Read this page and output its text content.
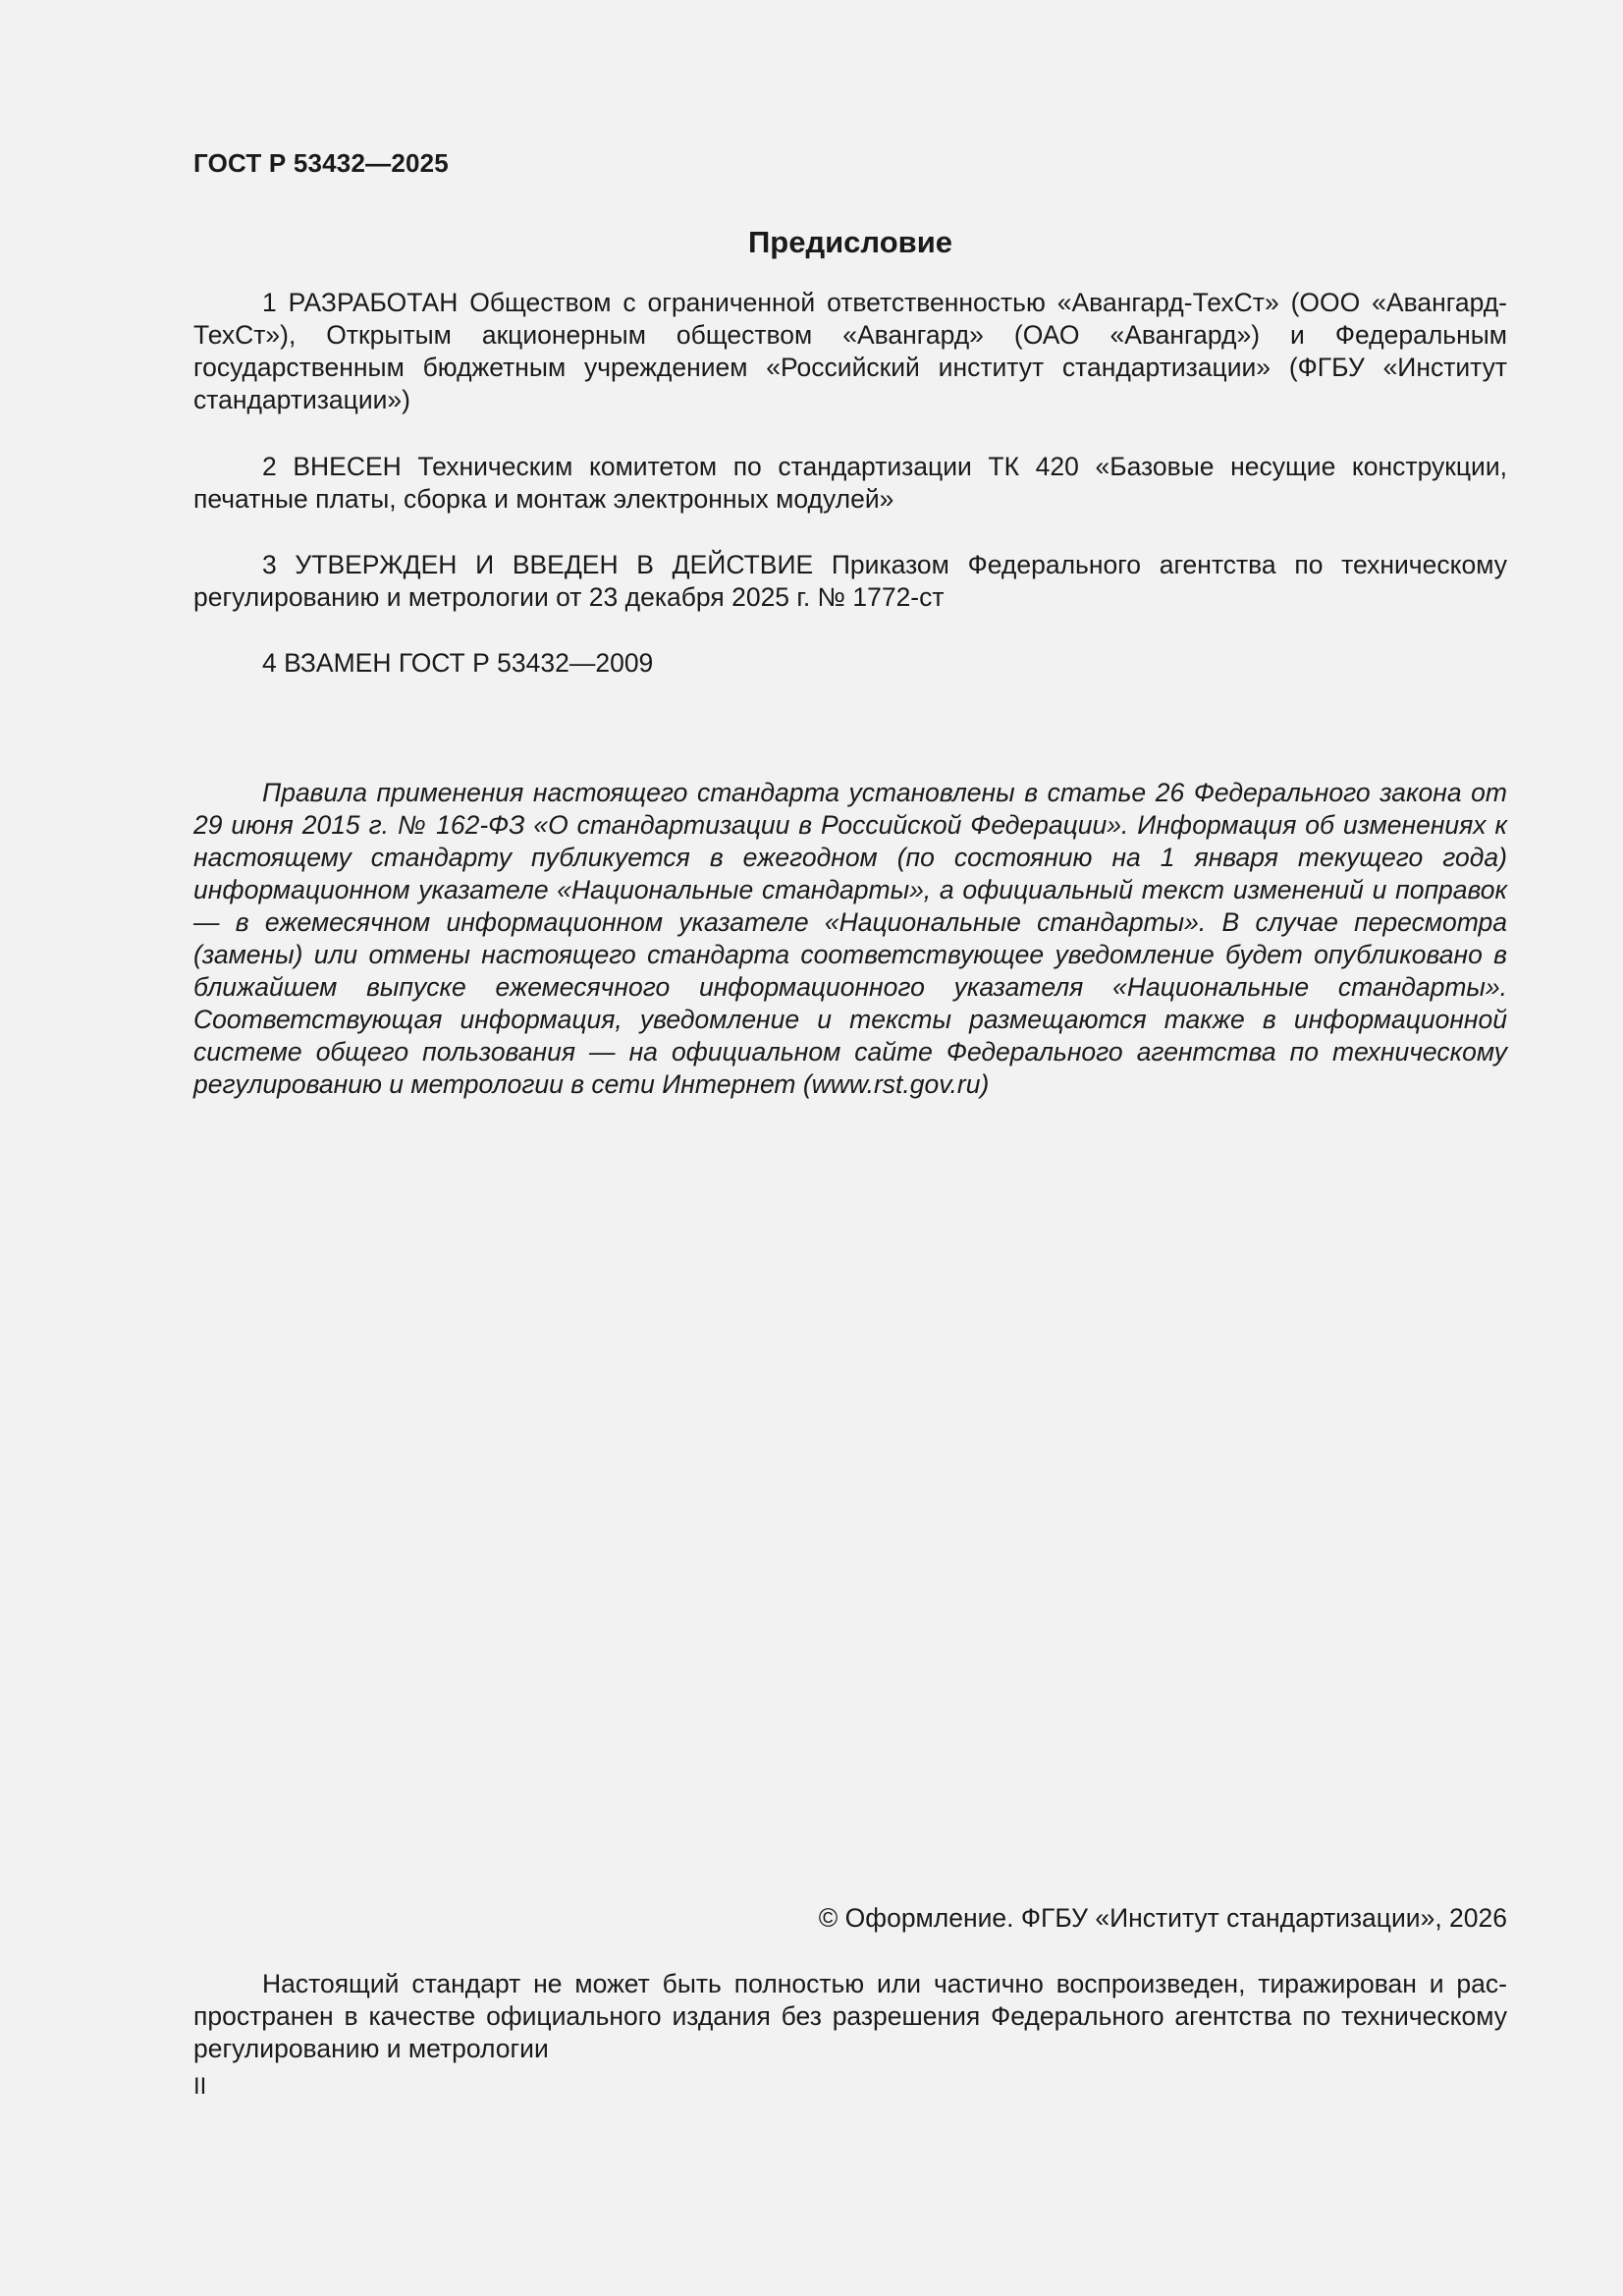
ГОСТ Р 53432—2025
Предисловие

1 РАЗРАБОТАН Обществом с ограниченной ответственностью «Авангард-ТехСт» (ООО «Авангард-ТехСт»), Открытым акционерным обществом «Авангард» (ОАО «Авангард») и Федеральным государственным бюджетным учреждением «Российский институт стандартизации» (ФГБУ «Институт стандартизации»)

2 ВНЕСЕН Техническим комитетом по стандартизации ТК 420 «Базовые несущие конструкции, печатные платы, сборка и монтаж электронных модулей»

3 УТВЕРЖДЕН И ВВЕДЕН В ДЕЙСТВИЕ Приказом Федерального агентства по техническому регулированию и метрологии от 23 декабря 2025 г. № 1772-ст

4 ВЗАМЕН ГОСТ Р 53432—2009

Правила применения настоящего стандарта установлены в статье 26 Федерального закона от 29 июня 2015 г. № 162-ФЗ «О стандартизации в Российской Федерации». Информация об изменениях к настоящему стандарту публикуется в ежегодном (по состоянию на 1 января текущего года) информационном указателе «Национальные стандарты», а официальный текст изменений и поправок — в ежемесячном информационном указателе «Национальные стандарты». В случае пересмотра (замены) или отмены настоящего стандарта соответствующее уведомление будет опубликовано в ближайшем выпуске ежемесячного информационного указателя «Национальные стандарты». Соответствующая информация, уведомление и тексты размещаются также в информационной системе общего пользования — на официальном сайте Федерального агентства по техническому регулированию и метрологии в сети Интернет (www.rst.gov.ru)

© Оформление. ФГБУ «Институт стандартизации», 2026

Настоящий стандарт не может быть полностью или частично воспроизведен, тиражирован и распространен в качестве официального издания без разрешения Федерального агентства по техническому регулированию и метрологии

II
